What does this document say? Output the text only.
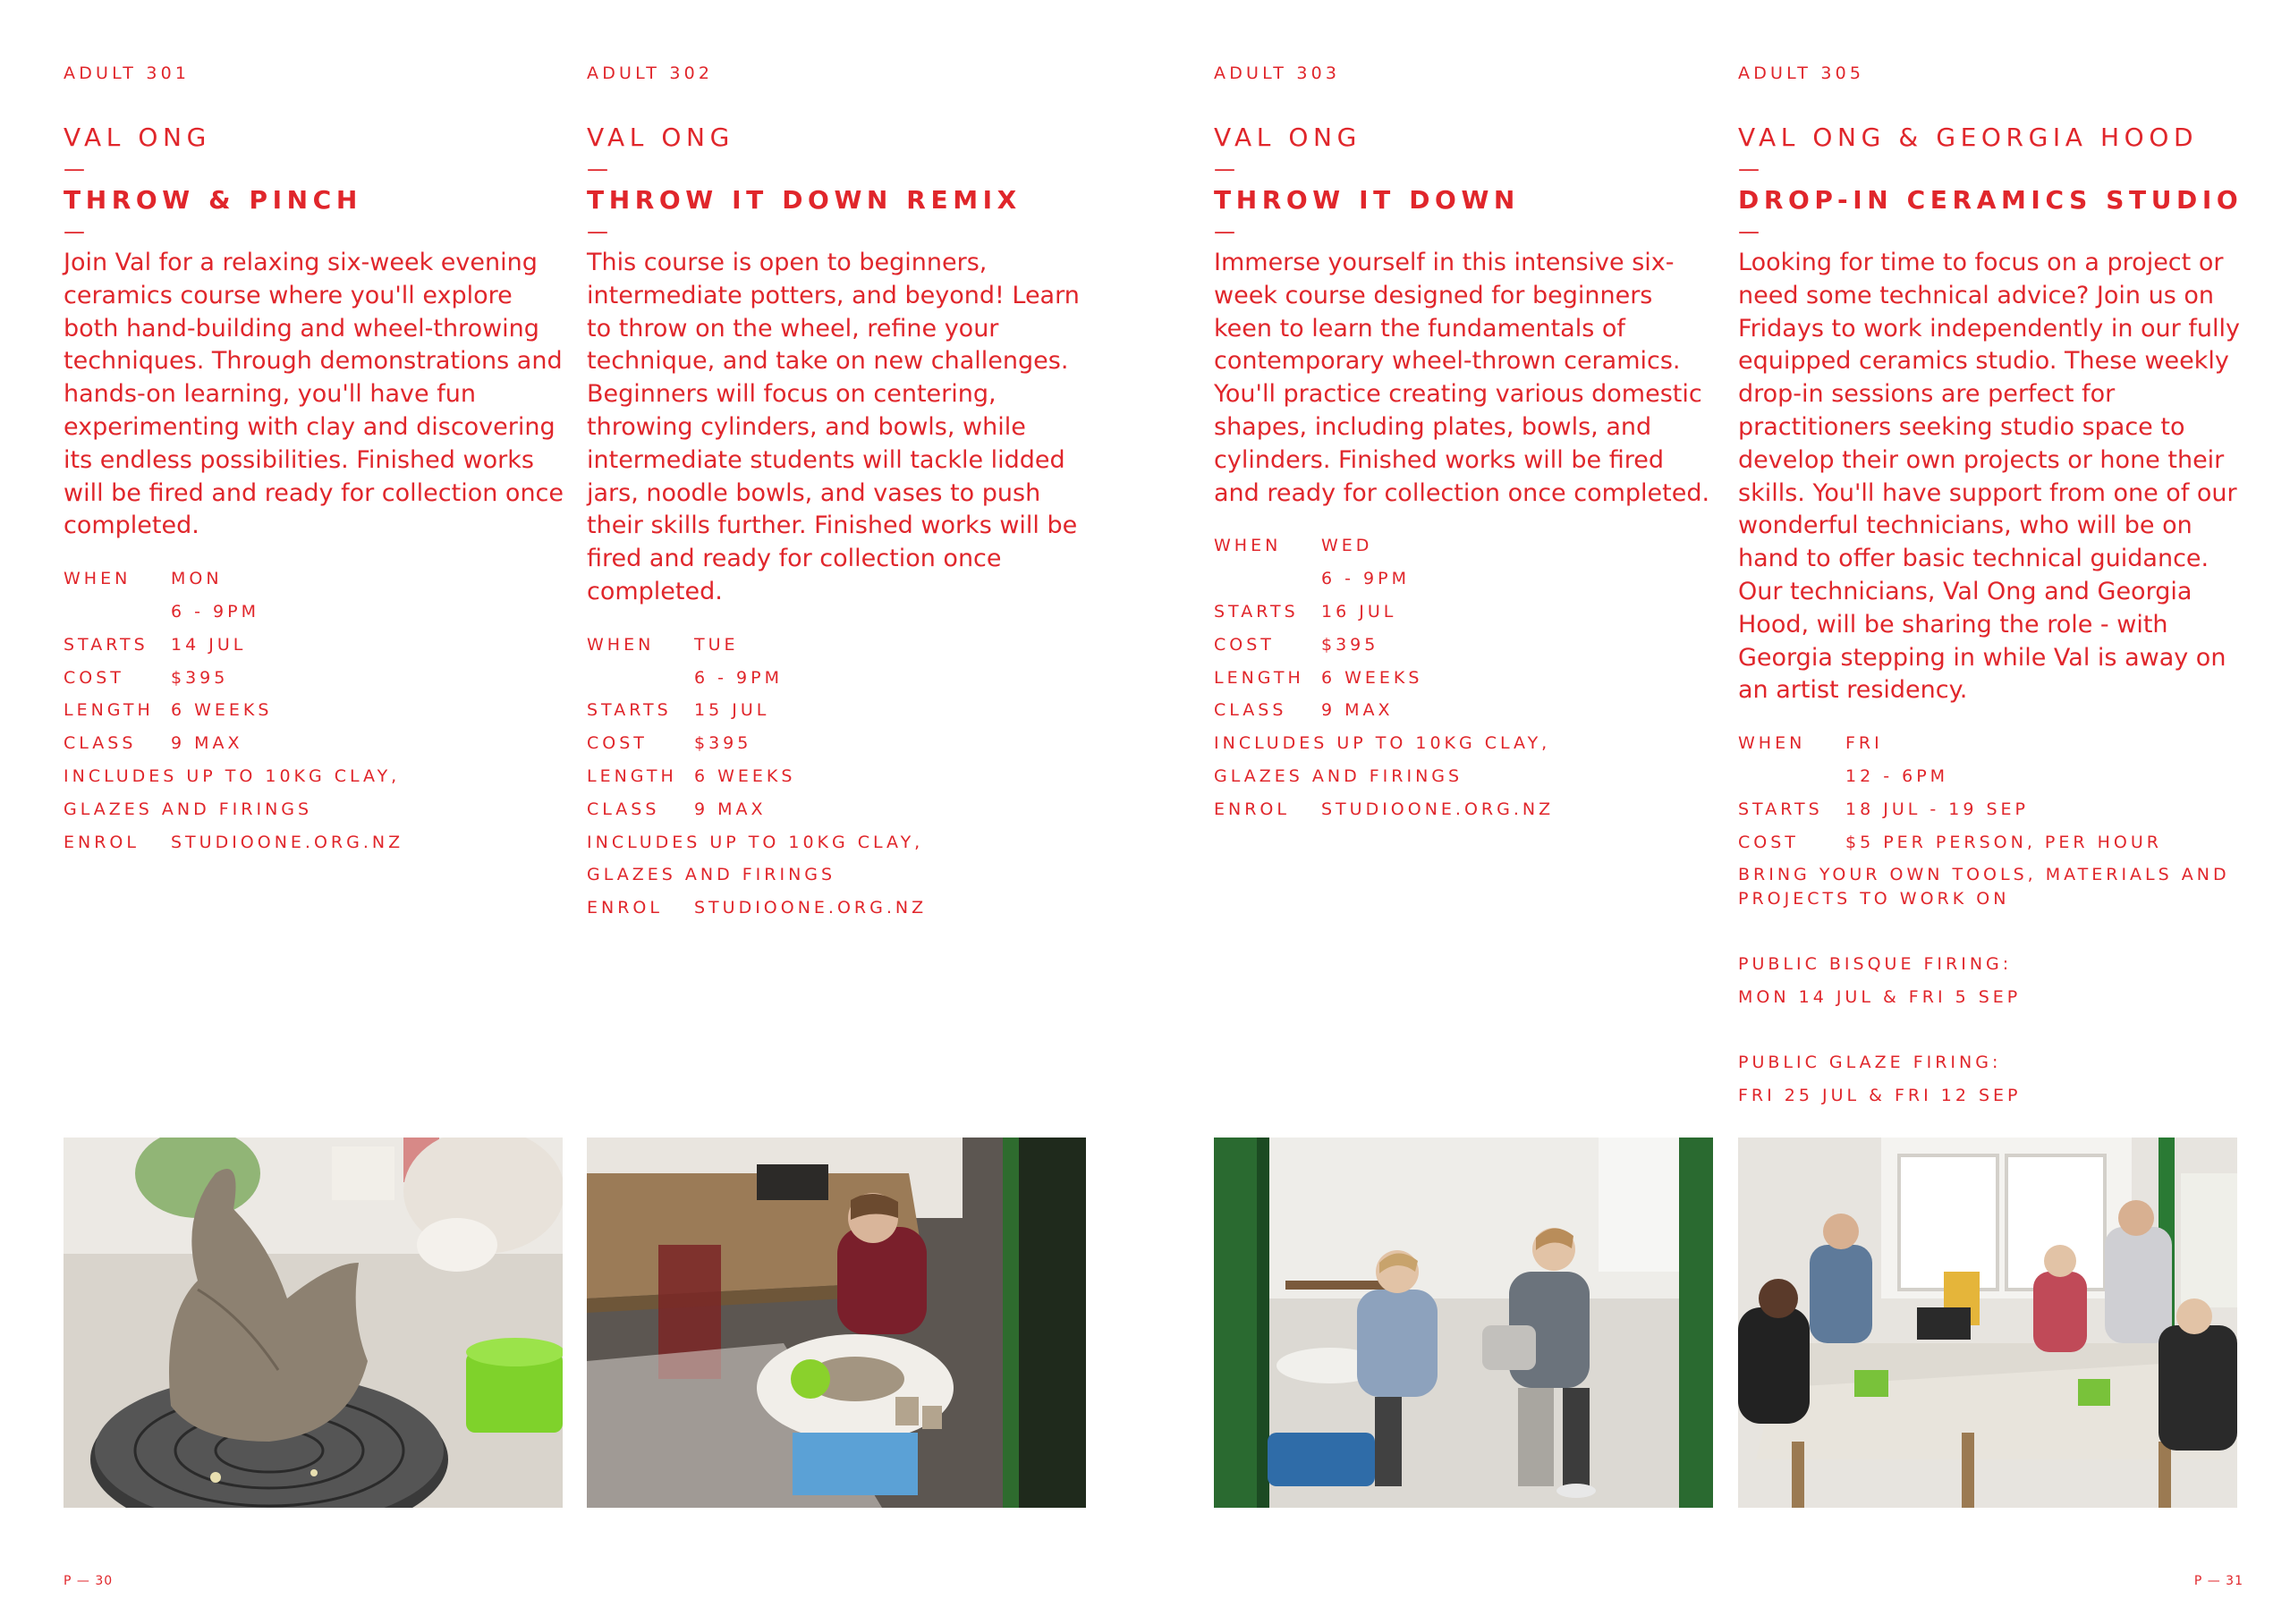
ADULT 301
VAL ONG
—
THROW & PINCH
—

Join Val for a relaxing six-week evening ceramics course where you'll explore both hand-building and wheel-throwing techniques. Through demonstrations and hands-on learning, you'll have fun experimenting with clay and discovering its endless possibilities. Finished works will be fired and ready for collection once completed.

WHEN	MON
6 - 9PM
STARTS	14 JUL
COST	$395
LENGTH	6 WEEKS
CLASS	9 MAX
INCLUDES UP TO 10KG CLAY,
GLAZES AND FIRINGS
ENROL	STUDIOONE.ORG.NZ
ADULT 302
VAL ONG
—
THROW IT DOWN REMIX
—

This course is open to beginners, intermediate potters, and beyond! Learn to throw on the wheel, refine your technique, and take on new challenges. Beginners will focus on centering, throwing cylinders, and bowls, while intermediate students will tackle lidded jars, noodle bowls, and vases to push their skills further. Finished works will be fired and ready for collection once completed.

WHEN	TUE
6 - 9PM
STARTS	15 JUL
COST	$395
LENGTH	6 WEEKS
CLASS	9 MAX
INCLUDES UP TO 10KG CLAY,
GLAZES AND FIRINGS
ENROL	STUDIOONE.ORG.NZ
ADULT 303
VAL ONG
—
THROW IT DOWN
—

Immerse yourself in this intensive six-week course designed for beginners keen to learn the fundamentals of contemporary wheel-thrown ceramics. You'll practice creating various domestic shapes, including plates, bowls, and cylinders. Finished works will be fired and ready for collection once completed.

WHEN	WED
6 - 9PM
STARTS	16 JUL
COST	$395
LENGTH	6 WEEKS
CLASS	9 MAX
INCLUDES UP TO 10KG CLAY,
GLAZES AND FIRINGS
ENROL	STUDIOONE.ORG.NZ
ADULT 305
VAL ONG & GEORGIA HOOD
—
DROP-IN CERAMICS STUDIO
—

Looking for time to focus on a project or need some technical advice? Join us on Fridays to work independently in our fully equipped ceramics studio. These weekly drop-in sessions are perfect for practitioners seeking studio space to develop their own projects or hone their skills. You'll have support from one of our wonderful technicians, who will be on hand to offer basic technical guidance. Our technicians, Val Ong and Georgia Hood, will be sharing the role - with Georgia stepping in while Val is away on an artist residency.

WHEN	FRI
12 - 6PM
STARTS	18 JUL - 19 SEP
COST	$5 PER PERSON, PER HOUR
BRING YOUR OWN TOOLS, MATERIALS AND PROJECTS TO WORK ON
PUBLIC BISQUE FIRING:
MON 14 JUL & FRI 5 SEP
PUBLIC GLAZE FIRING:
FRI 25 JUL & FRI 12 SEP
P — 30	P — 31
